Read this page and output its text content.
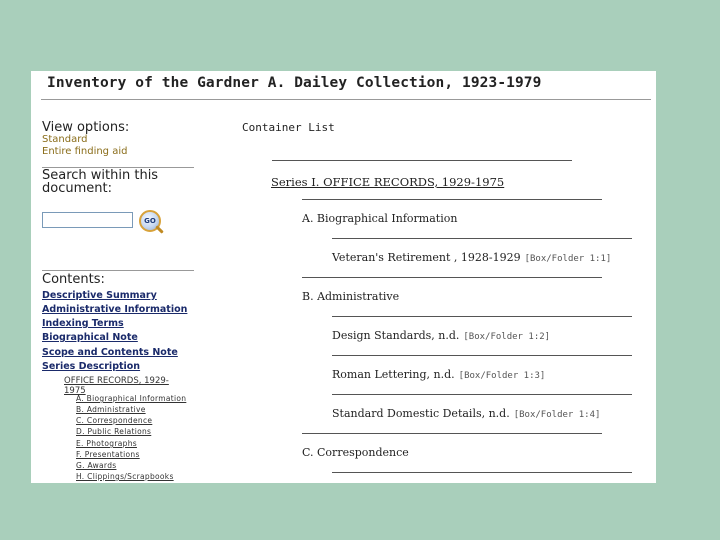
Inventory of the Gardner A. Dailey Collection, 1923-1979
View options:
Standard
Entire finding aid
Search within this
document:
GO
Contents:
Descriptive Summary
Administrative Information
Indexing Terms
Biographical Note
Scope and Contents Note
Series Description
OFFICE RECORDS, 1929-1975
A. Biographical Information
B. Administrative
C. Correspondence
D. Public Relations
E. Photographs
F. Presentations
G. Awards
H. Clippings/Scrapbooks
Container List
Series I. OFFICE RECORDS, 1929-1975
A. Biographical Information
Veteran's Retirement , 1928-1929 [Box/Folder 1:1]
B. Administrative
Design Standards, n.d. [Box/Folder 1:2]
Roman Lettering, n.d. [Box/Folder 1:3]
Standard Domestic Details, n.d. [Box/Folder 1:4]
C. Correspondence
